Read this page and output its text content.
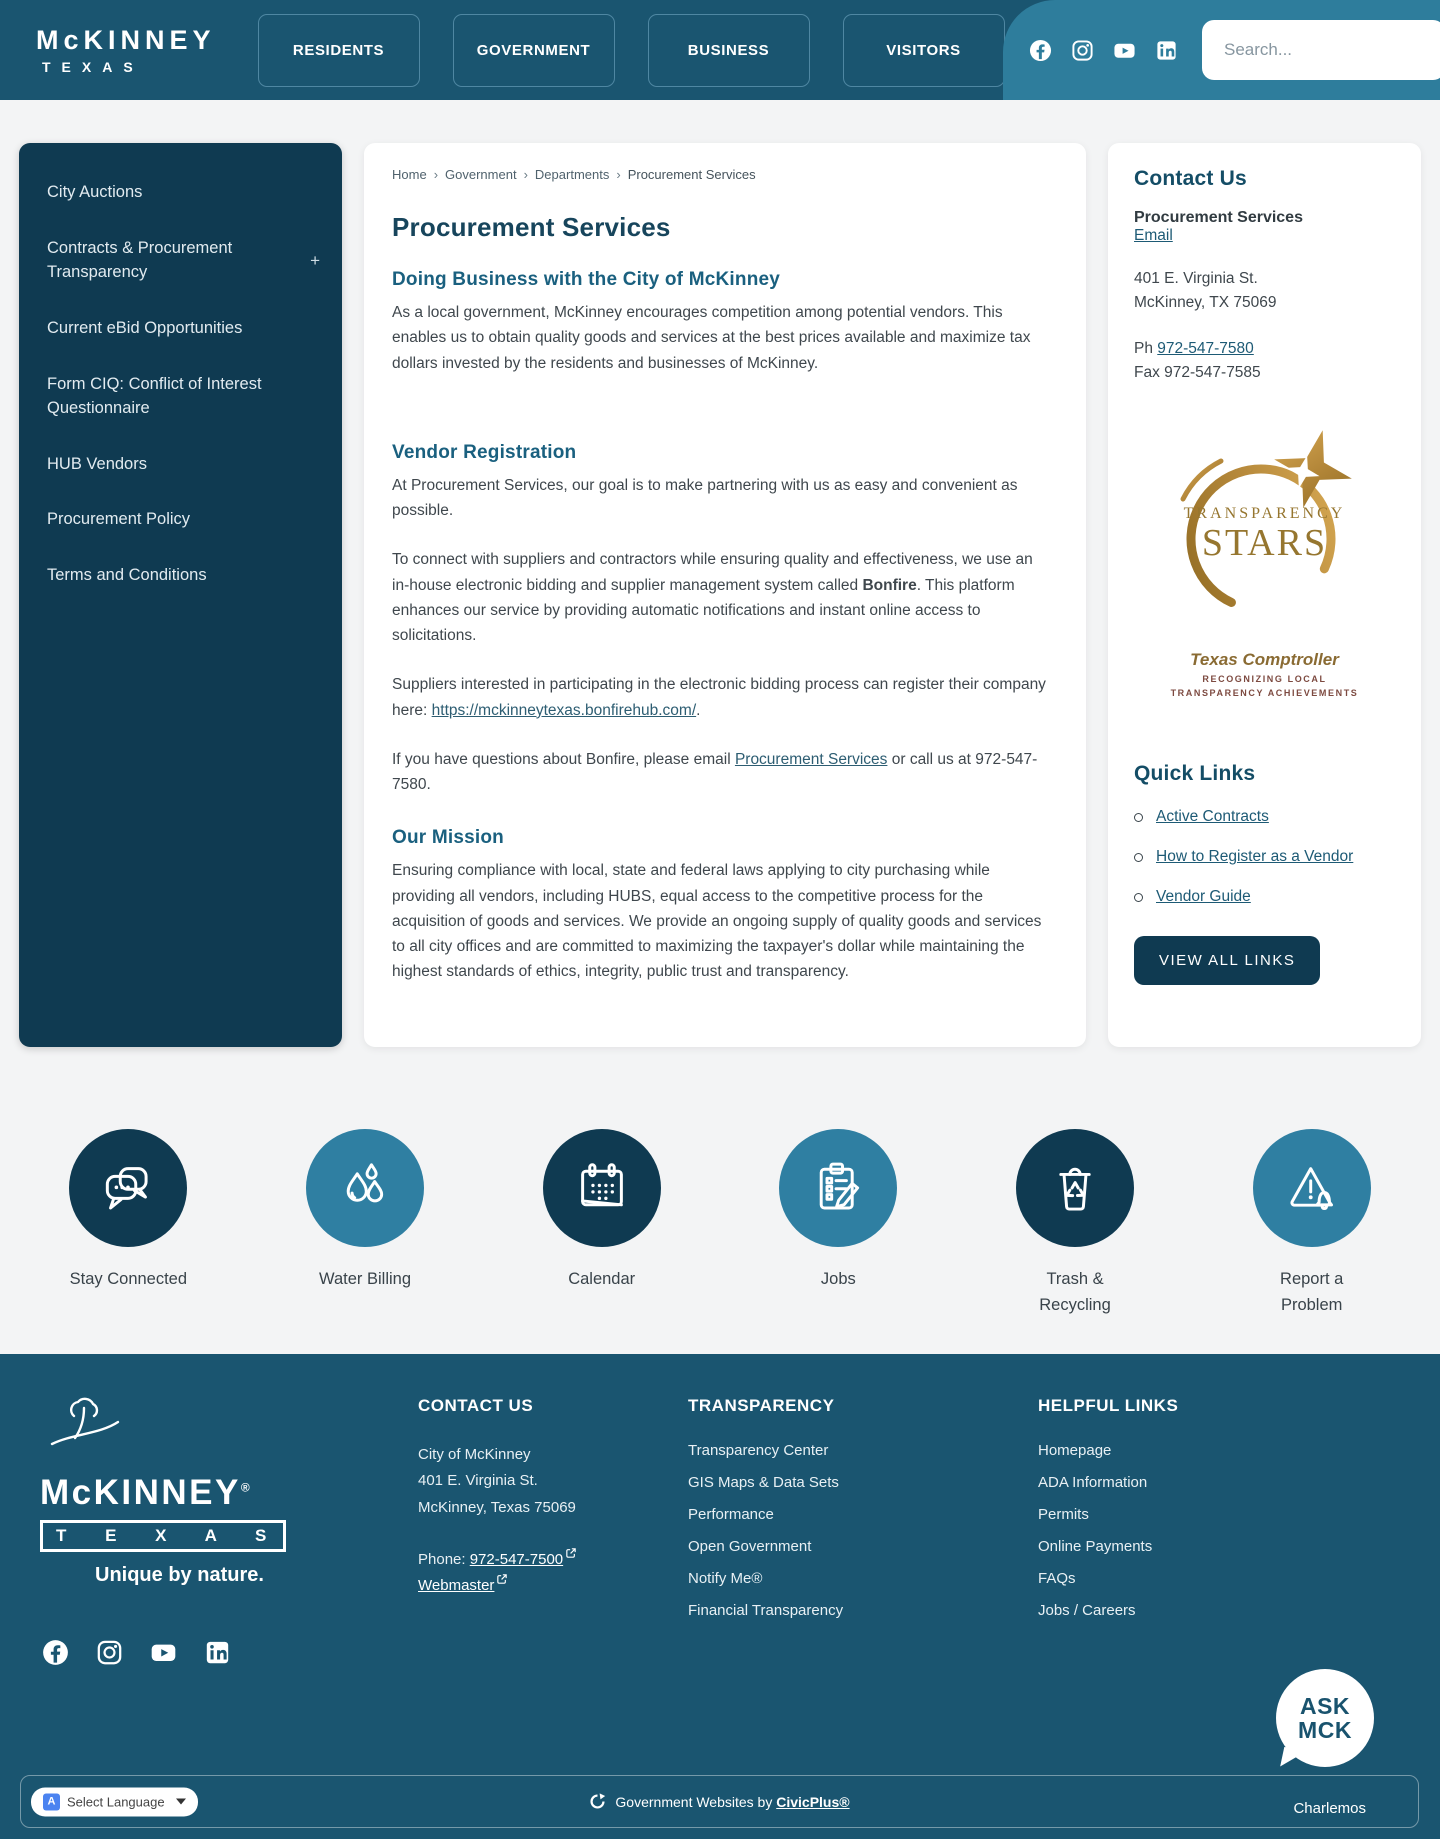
McKINNEY
TEXAS
RESIDENTS	GOVERNMENT	BUSINESS	VISITORS
Search...
City Auctions
Contracts & Procurement Transparency
+
Current eBid Opportunities
Form CIQ: Conflict of Interest Questionnaire
HUB Vendors
Procurement Policy
Terms and Conditions
Home › Government › Departments › Procurement Services
Procurement Services
Doing Business with the City of McKinney

As a local government, McKinney encourages competition among potential vendors. This enables us to obtain quality goods and services at the best prices available and maximize tax dollars invested by the residents and businesses of McKinney.

Vendor Registration

At Procurement Services, our goal is to make partnering with us as easy and convenient as possible.

To connect with suppliers and contractors while ensuring quality and effectiveness, we use an in-house electronic bidding and supplier management system called Bonfire. This platform enhances our service by providing automatic notifications and instant online access to solicitations.

Suppliers interested in participating in the electronic bidding process can register their company here: https://mckinneytexas.bonfirehub.com/.

If you have questions about Bonfire, please email Procurement Services or call us at 972-547-7580.

Our Mission

Ensuring compliance with local, state and federal laws applying to city purchasing while providing all vendors, including HUBS, equal access to the competitive process for the acquisition of goods and services. We provide an ongoing supply of quality goods and services to all city offices and are committed to maximizing the taxpayer's dollar while maintaining the highest standards of ethics, integrity, public trust and transparency.

Contact Us
Procurement Services
Email
401 E. Virginia St.
McKinney, TX 75069
Ph 972-547-7580
Fax 972-547-7585
TRANSPARENCY
STARS
Texas Comptroller
RECOGNIZING LOCAL
TRANSPARENCY ACHIEVEMENTS
Quick Links
Active Contracts
How to Register as a Vendor
Vendor Guide
VIEW ALL LINKS
Stay Connected	Water Billing	Calendar	Jobs	Trash & Recycling
Report a Problem
McKINNEY®
T E X A S
Unique by nature.
CONTACT US
City of McKinney
401 E. Virginia St.
McKinney, Texas 75069
Phone: 972-547-7500
Webmaster
TRANSPARENCY
Transparency Center
GIS Maps & Data Sets
Performance
Open Government
Notify Me®
Financial Transparency
HELPFUL LINKS
Homepage
ADA Information
Permits
Online Payments
FAQs
Jobs / Careers
ASK
MCK
Charlemos
A Select Language	Government Websites by CivicPlus®
